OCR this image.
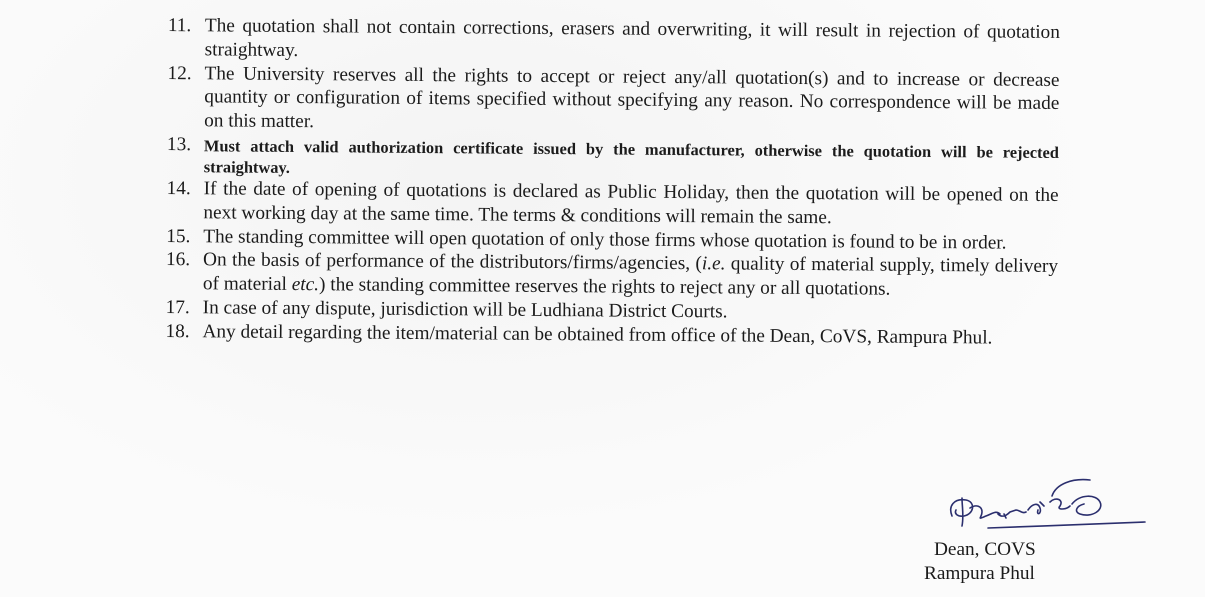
11. The quotation shall not contain corrections, erasers and overwriting, it will result in rejection of quotation straightway.
12. The University reserves all the rights to accept or reject any/all quotation(s) and to increase or decrease quantity or configuration of items specified without specifying any reason. No correspondence will be made on this matter.
13. Must attach valid authorization certificate issued by the manufacturer, otherwise the quotation will be rejected straightway.
14. If the date of opening of quotations is declared as Public Holiday, then the quotation will be opened on the next working day at the same time. The terms & conditions will remain the same.
15. The standing committee will open quotation of only those firms whose quotation is found to be in order.
16. On the basis of performance of the distributors/firms/agencies, (i.e. quality of material supply, timely delivery of material etc.) the standing committee reserves the rights to reject any or all quotations.
17. In case of any dispute, jurisdiction will be Ludhiana District Courts.
18. Any detail regarding the item/material can be obtained from office of the Dean, CoVS, Rampura Phul.
Dean, COVS
Rampura Phul
